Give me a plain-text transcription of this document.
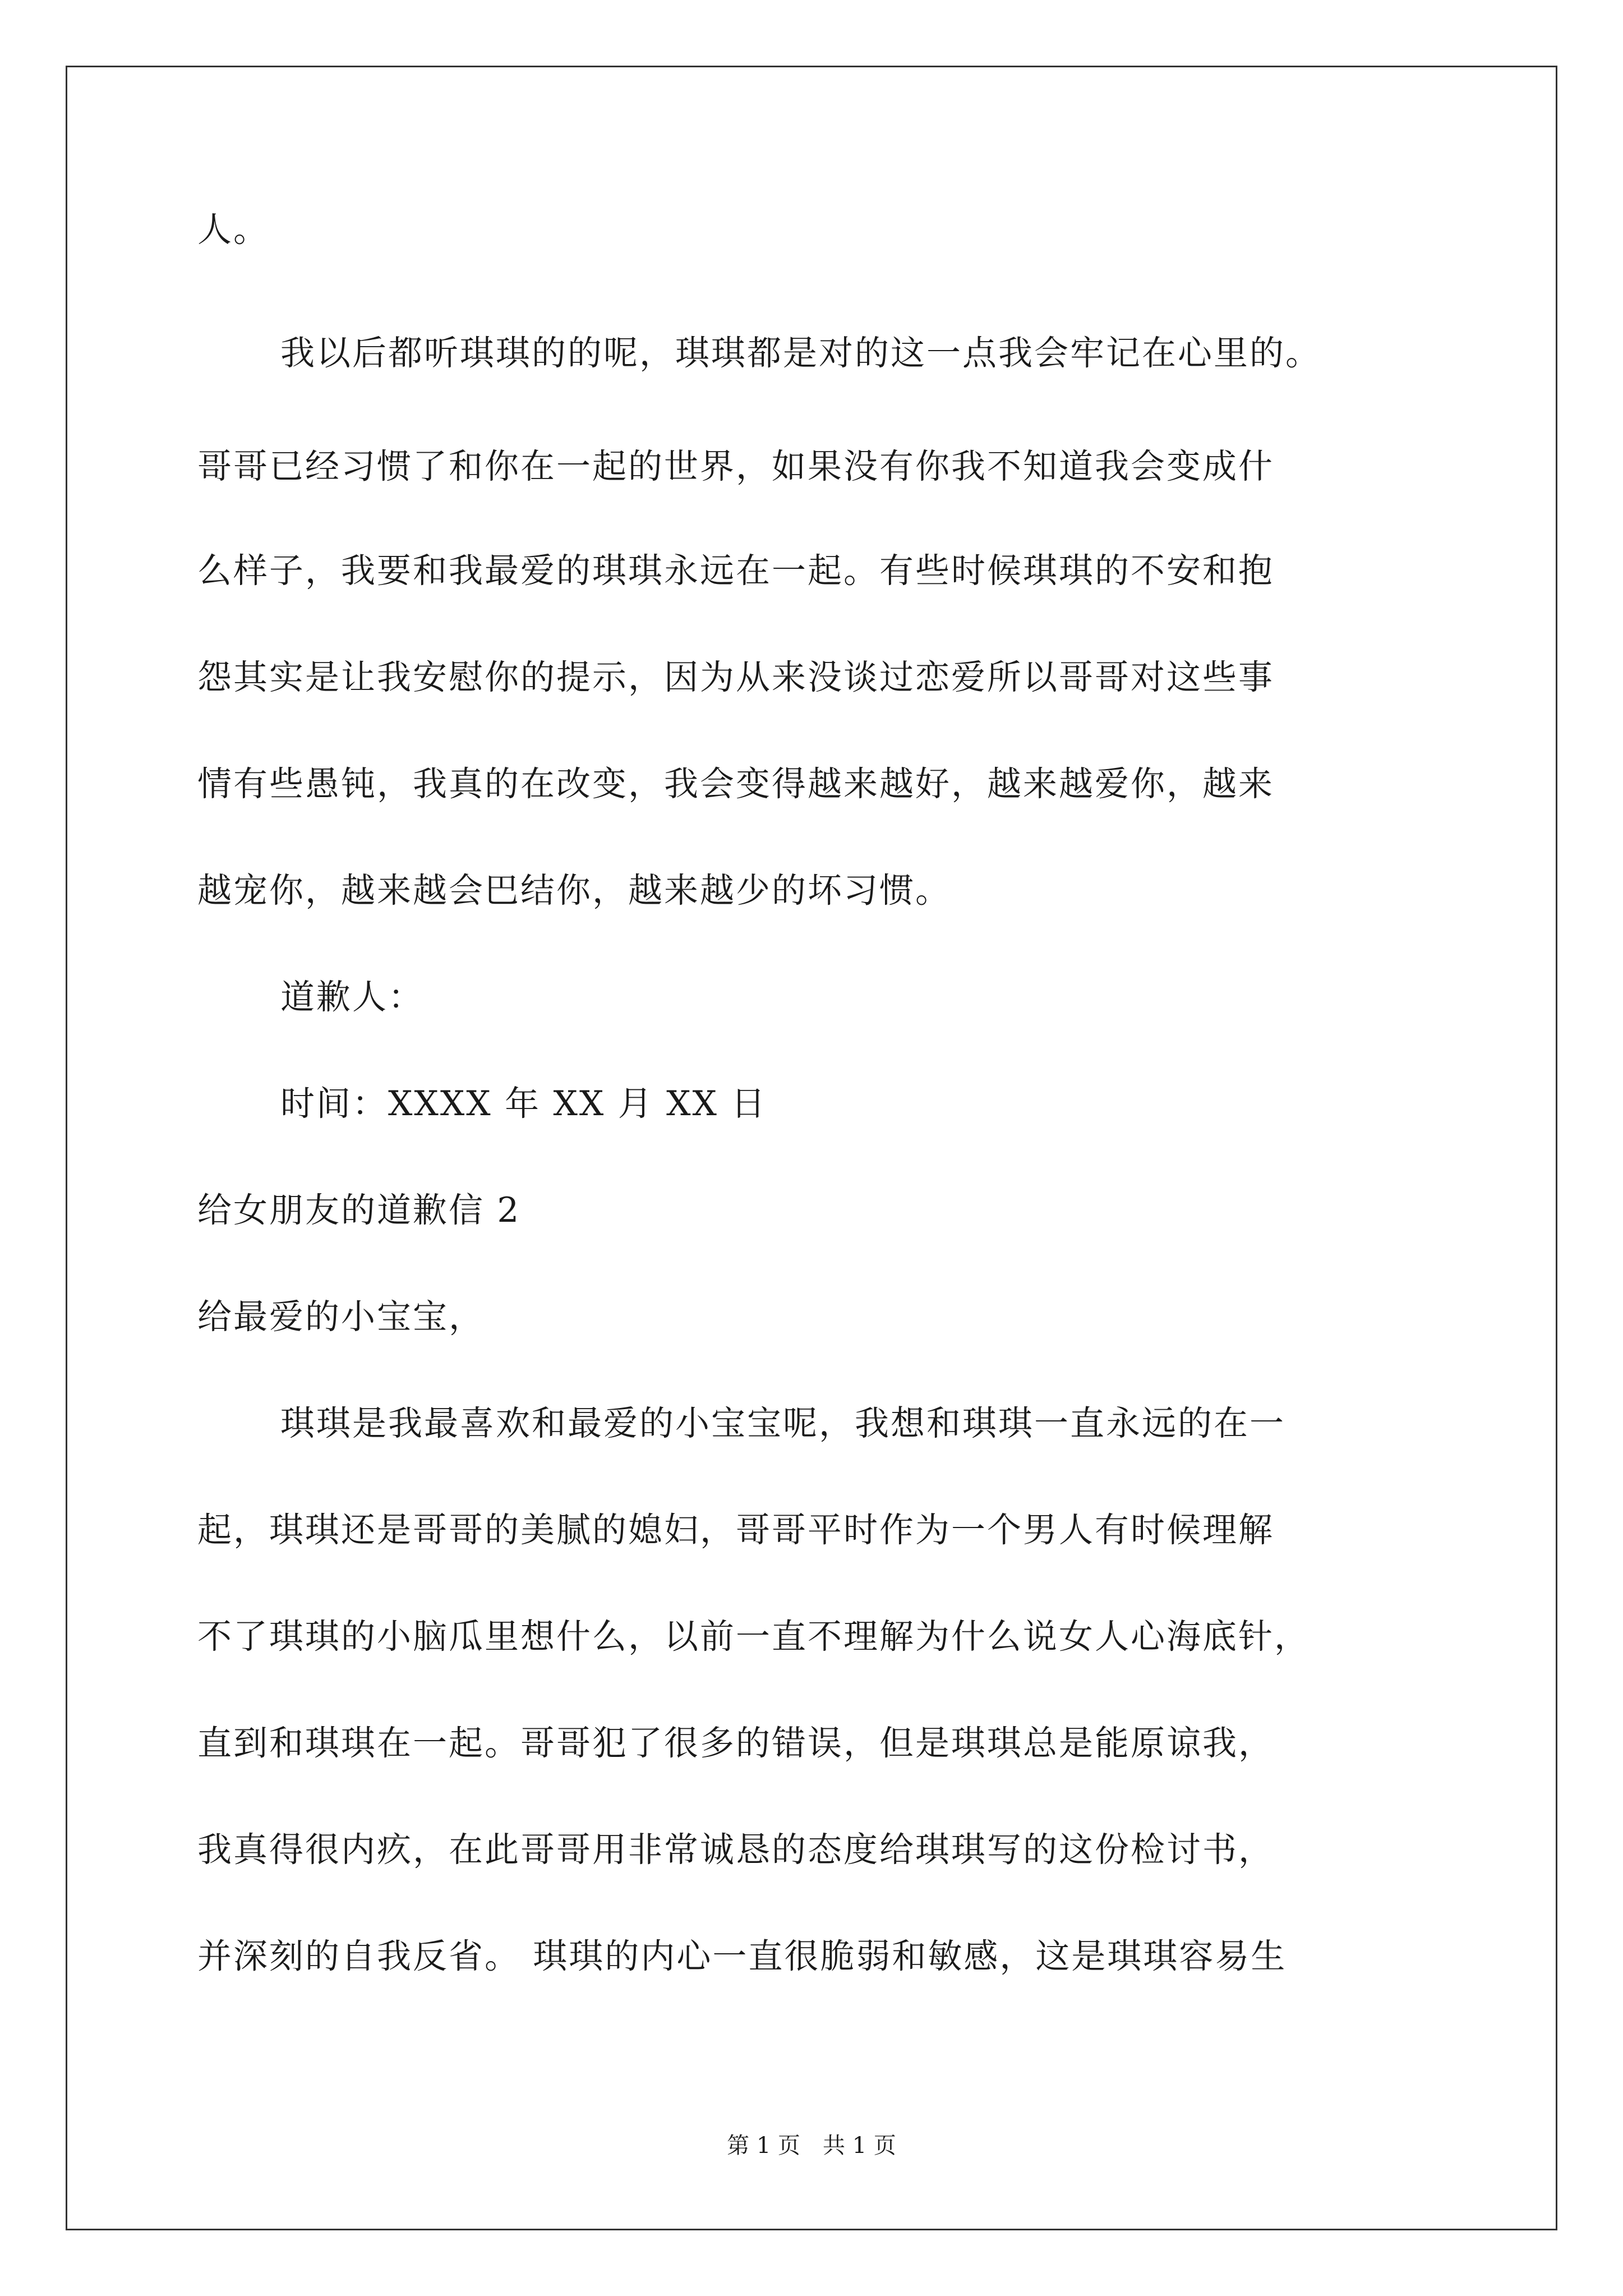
人。
我以后都听琪琪的的呢，琪琪都是对的这一点我会牢记在心里的。
哥哥已经习惯了和你在一起的世界，如果没有你我不知道我会变成什
么样子，我要和我最爱的琪琪永远在一起。有些时候琪琪的不安和抱
怨其实是让我安慰你的提示，因为从来没谈过恋爱所以哥哥对这些事
情有些愚钝，我真的在改变，我会变得越来越好，越来越爱你，越来
越宠你，越来越会巴结你，越来越少的坏习惯。
道歉人：
时间：XXXX 年 XX 月 XX 日
给女朋友的道歉信 2
给最爱的小宝宝，
琪琪是我最喜欢和最爱的小宝宝呢，我想和琪琪一直永远的在一
起，琪琪还是哥哥的美腻的媳妇，哥哥平时作为一个男人有时候理解
不了琪琪的小脑瓜里想什么，以前一直不理解为什么说女人心海底针，
直到和琪琪在一起。哥哥犯了很多的错误，但是琪琪总是能原谅我，
我真得很内疚，在此哥哥用非常诚恳的态度给琪琪写的这份检讨书，
并深刻的自我反省。 琪琪的内心一直很脆弱和敏感，这是琪琪容易生
第 1 页　共 1 页
